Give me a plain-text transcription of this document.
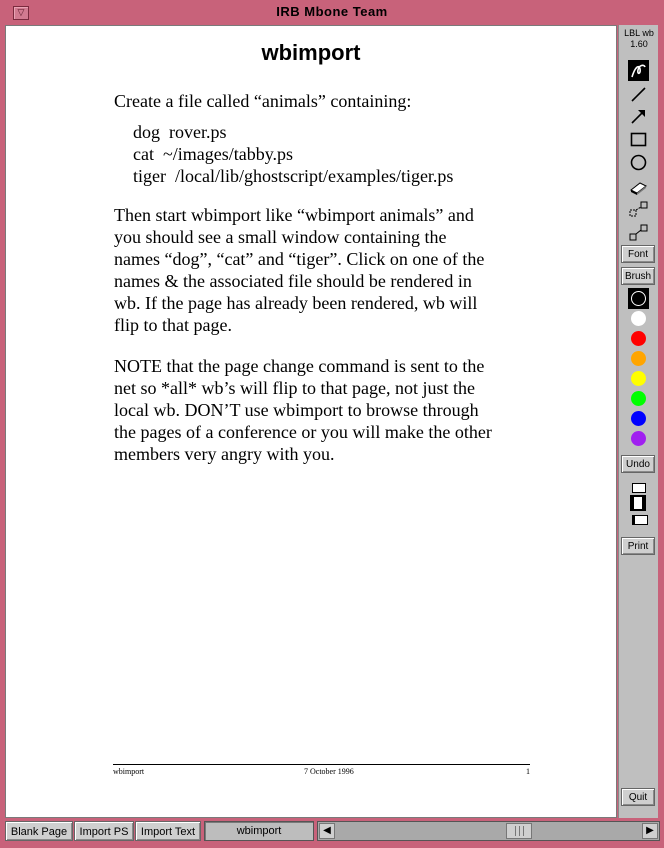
▽	IRB Mbone Team
wbimport
Create a file called “animals” containing:
dog  rover.ps
cat  ~/images/tabby.ps
tiger  /local/lib/ghostscript/examples/tiger.ps
Then start wbimport like “wbimport animals” and
you should see a small window containing the
names “dog”, “cat” and “tiger”. Click on one of the
names & the associated file should be rendered in
wb. If the page has already been rendered, wb will
flip to that page.
NOTE that the page change command is sent to the
net so *all* wb’s will flip to that page, not just the
local wb. DON’T use wbimport to browse through
the pages of a conference or you will make the other
members very angry with you.
wbimport	7 October 1996	1
LBL wb
1.60
Font
Brush
Undo
Print
Quit
Blank Page	Import PS	Import Text	wbimport	◀	▶
